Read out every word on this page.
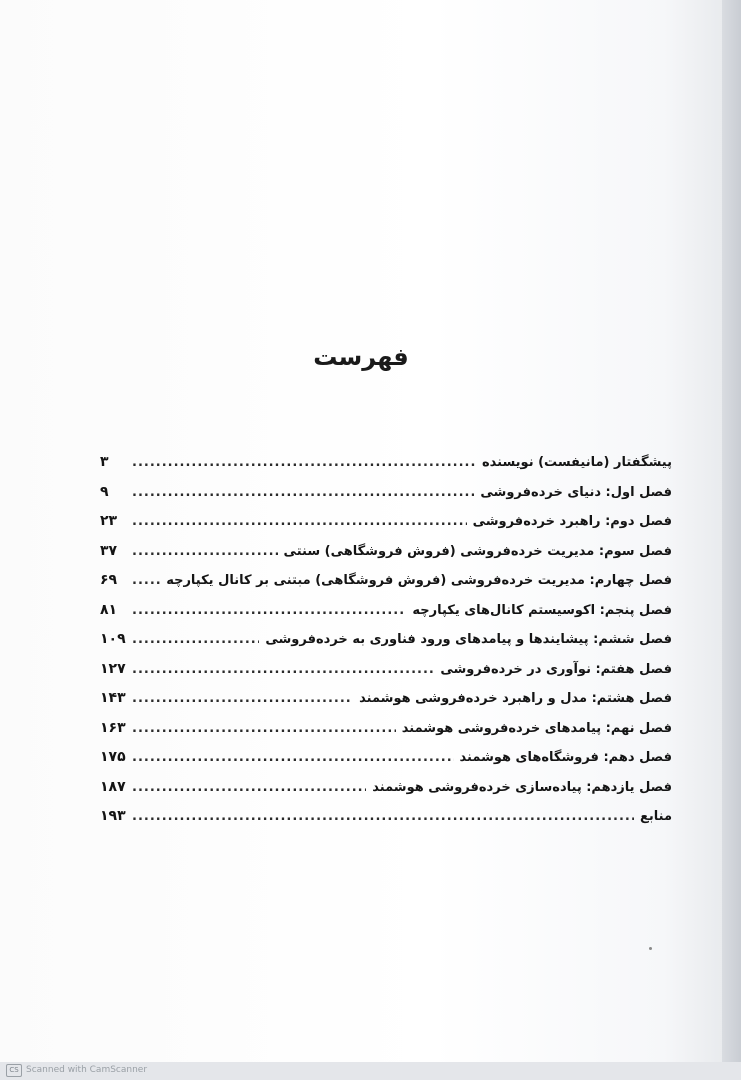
فهرست
پیشگفتار (مانیفست) نویسنده
.....
۳
فصل اول: دنیای خرده‌فروشی
.....
۹
فصل دوم: راهبرد خرده‌فروشی
.....
۲۳
فصل سوم: مدیریت خرده‌فروشی (فروش فروشگاهی) سنتی
.....
۳۷
فصل چهارم: مدیریت خرده‌فروشی (فروش فروشگاهی) مبتنی بر کانال یکپارچه
.....
۶۹
فصل پنجم: اکوسیستم کانال‌های یکپارچه
.....
۸۱
فصل ششم: پیشایندها و پیامدهای ورود فناوری به خرده‌فروشی
.....
۱۰۹
فصل هفتم: نوآوری در خرده‌فروشی
.....
۱۲۷
فصل هشتم: مدل و راهبرد خرده‌فروشی هوشمند
.....
۱۴۳
فصل نهم: پیامدهای خرده‌فروشی هوشمند
.....
۱۶۳
فصل دهم: فروشگاه‌های هوشمند
.....
۱۷۵
فصل یازدهم: پیاده‌سازی خرده‌فروشی هوشمند
.....
۱۸۷
منابع
.....
۱۹۳
CS Scanned with CamScanner
